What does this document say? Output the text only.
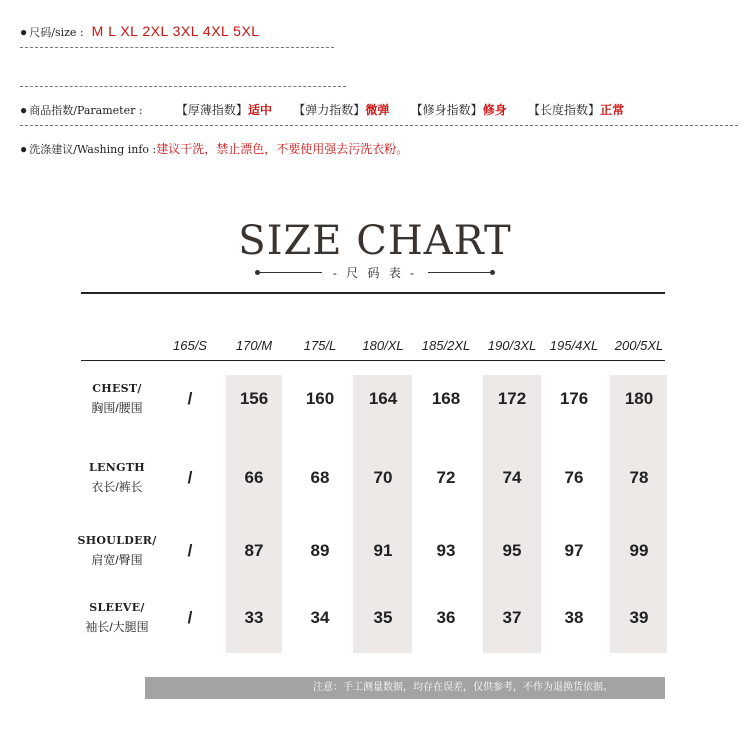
● 尺码/size : M L XL 2XL 3XL 4XL 5XL
● 商品指数/Parameter :	【厚薄指数】适中 【弹力指数】微弹 【修身指数】修身 【长度指数】正常
● 洗涤建议/Washing info :建议干洗，禁止漂色，不要使用强去污洗衣粉。
SIZE CHART
- 尺 码 表 -
165/S	170/M	175/L	180/XL	185/2XL	190/3XL	195/4XL	200/5XL
CHEST/
胸围/腰围	/	156	160	164	168	172	176	180
LENGTH
衣长/裤长	/	66	68	70	72	74	76	78
SHOULDER/
肩宽/臀围	/	87	89	91	93	95	97	99
SLEEVE/
袖长/大腿围	/	33	34	35	36	37	38	39
注意：手工测量数据，均存在误差，仅供参考，不作为退换货依据。
